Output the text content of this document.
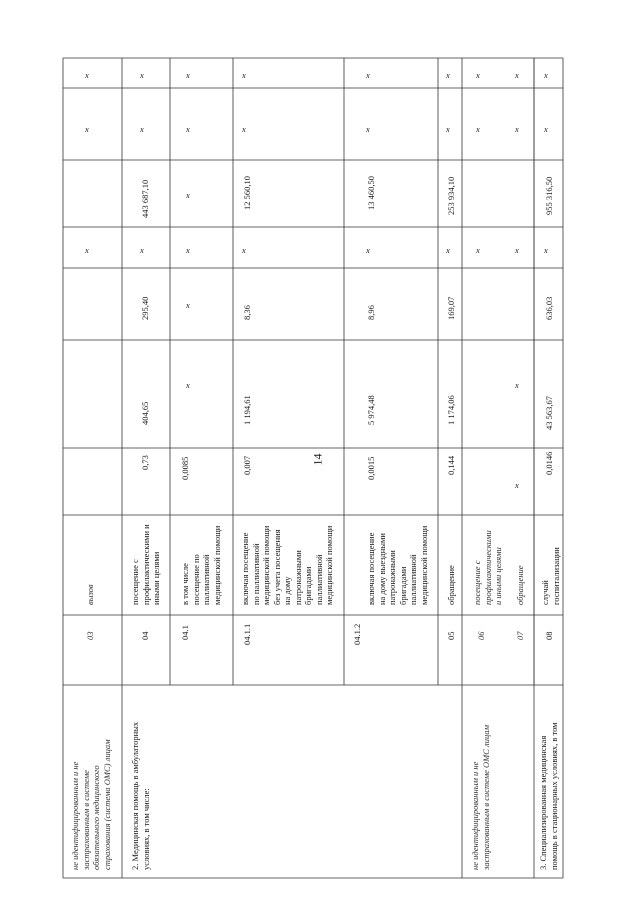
14
не идентифицированным и не
застрахованным в системе
обязательного медицинского
страхования (система ОМС) лицам
03
вызов
x
x
x
2. Медицинская помощь в амбулаторных
условиях, в том числе:
04
посещение с
профилактическими и
иными целями
0,73
404,65
295,40
x
443 687,10
x
x
04.1
в том числе
посещение по
паллиативной
медицинской помощи
0,0085
x
x
x
x
x
x
04.1.1
включая посещение
по паллиативной
медицинской помощи
без учета посещения
на дому
патронажными
бригадами
паллиативной
медицинской помощи
0,007
1 194,61
8,36
x
12 560,10
x
x
04.1.2
включая посещение
на дому выездными
патронажными
бригадами
паллиативной
медицинской помощи
0,0015
5 974,48
8,96
x
13 460,50
x
x
05
обращение
0,144
1 174,06
169,07
x
253 934,10
x
x
не идентифицированным и не
застрахованным в системе ОМС лицам
06
посещение с
профилактическими
и иными целями
x
x
x
07
обращение
x
x
x
x
x
3. Специализированная медицинская
помощь в стационарных условиях, в том
08
случай
госпитализации
0,0146
43 563,67
636,03
x
955 316,50
x
x
